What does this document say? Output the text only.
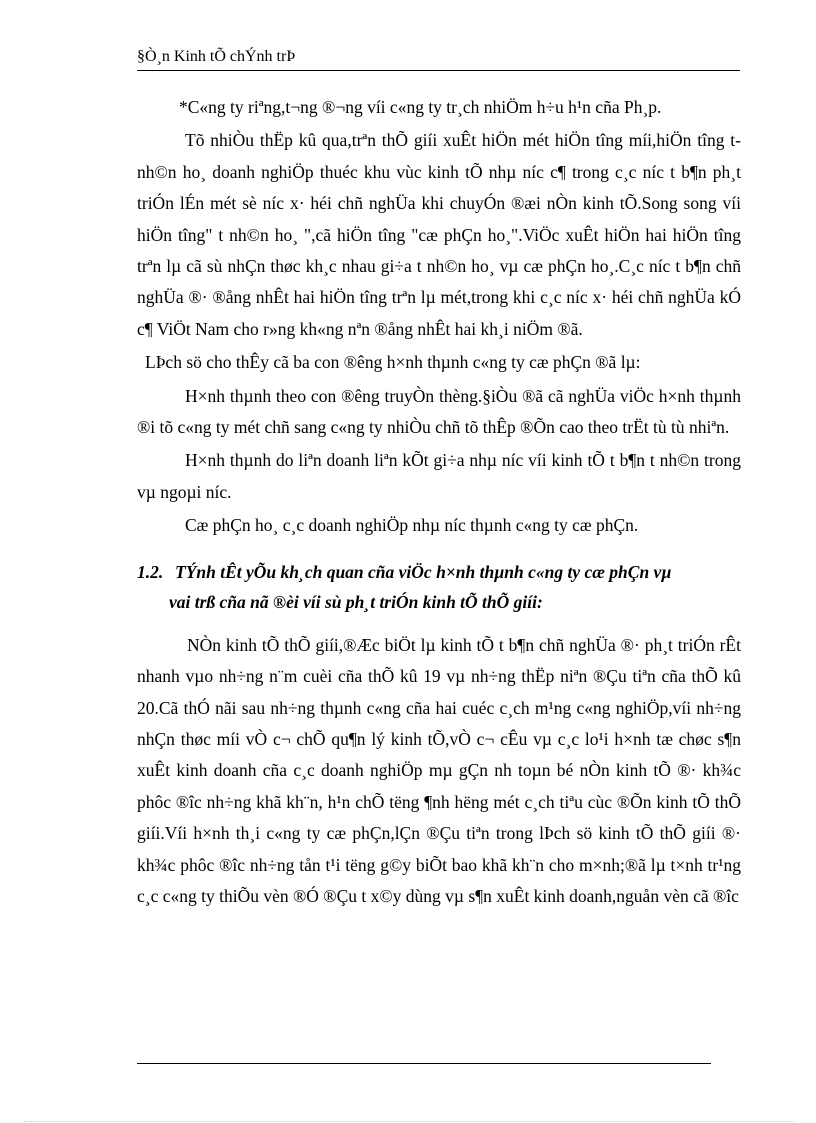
§Ò¸n Kinh tÕ chÝnh trÞ

*C«ng ty riªng,t¬ng ®¬ng víi c«ng ty tr¸ch nhiÖm h÷u h¹n cña Ph¸p.

Tõ nhiÒu thËp kû qua,trªn thÕ giíi xuÊt hiÖn mét hiÖn tîng míi,hiÖn tîng t nh©n ho¸ doanh nghiÖp thuéc khu vùc kinh tÕ nhµ níc c¶ trong c¸c níc t b¶n ph¸t triÓn lÉn mét sè níc x· héi chñ nghÜa khi chuyÓn ®æi nÒn kinh tÕ.Song song víi hiÖn tîng" t nh©n ho¸ ",cã hiÖn tîng "cæ phÇn ho¸".ViÖc xuÊt hiÖn hai hiÖn tîng trªn lµ cã sù nhÇn thøc kh¸c nhau gi÷a t nh©n ho¸ vµ cæ phÇn ho¸.C¸c níc t b¶n chñ nghÜa ®· ®ång nhÊt hai hiÖn tîng trªn lµ mét,trong khi c¸c níc x· héi chñ nghÜa kÓ c¶ ViÖt Nam cho r»ng kh«ng nªn ®ång nhÊt hai kh¸i niÖm ®ã.

LÞch sö cho thÊy cã ba con ®êng h×nh thµnh c«ng ty cæ phÇn ®ã lµ:

H×nh thµnh theo con ®êng truyÒn thèng.§iÒu ®ã cã nghÜa viÖc h×nh thµnh ®i tõ c«ng ty mét chñ sang c«ng ty nhiÒu chñ tõ thÊp ®Õn cao theo trËt tù tù nhiªn.

H×nh thµnh do liªn doanh liªn kÕt gi÷a nhµ níc víi kinh tÕ t b¶n t nh©n trong vµ ngoµi níc.

Cæ phÇn ho¸ c¸c doanh nghiÖp nhµ níc thµnh c«ng ty cæ phÇn.

1.2. TÝnh tÊt yÕu kh¸ch quan cña viÖc h×nh thµnh c«ng ty cæ phÇn vµ
vai trß cña nã ®èi víi sù ph¸t triÓn kinh tÕ thÕ giíi:

NÒn kinh tÕ thÕ giíi,®Æc biÖt lµ kinh tÕ t b¶n chñ nghÜa ®· ph¸t triÓn rÊt nhanh vµo nh÷ng n¨m cuèi cña thÕ kû 19 vµ nh÷ng thËp niªn ®Çu tiªn cña thÕ kû 20.Cã thÓ nãi sau nh÷ng thµnh c«ng cña hai cuéc c¸ch m¹ng c«ng nghiÖp,víi nh÷ng nhÇn thøc míi vÒ c¬ chÕ qu¶n lý kinh tÕ,vÒ c¬ cÊu vµ c¸c lo¹i h×nh tæ chøc s¶n xuÊt kinh doanh cña c¸c doanh nghiÖp mµ gÇn nh toµn bé nÒn kinh tÕ ®· kh¾c phôc ®îc nh÷ng khã kh¨n, h¹n chÕ tëng ¶nh hëng mét c¸ch tiªu cùc ®Õn kinh tÕ thÕ giíi.Víi h×nh th¸i c«ng ty cæ phÇn,lÇn ®Çu tiªn trong lÞch sö kinh tÕ thÕ giíi ®· kh¾c phôc ®îc nh÷ng tån t¹i tëng g©y biÕt bao khã kh¨n cho m×nh;®ã lµ t×nh tr¹ng c¸c c«ng ty thiÕu vèn ®Ó ®Çu t x©y dùng vµ s¶n xuÊt kinh doanh,nguån vèn cã ®îc
